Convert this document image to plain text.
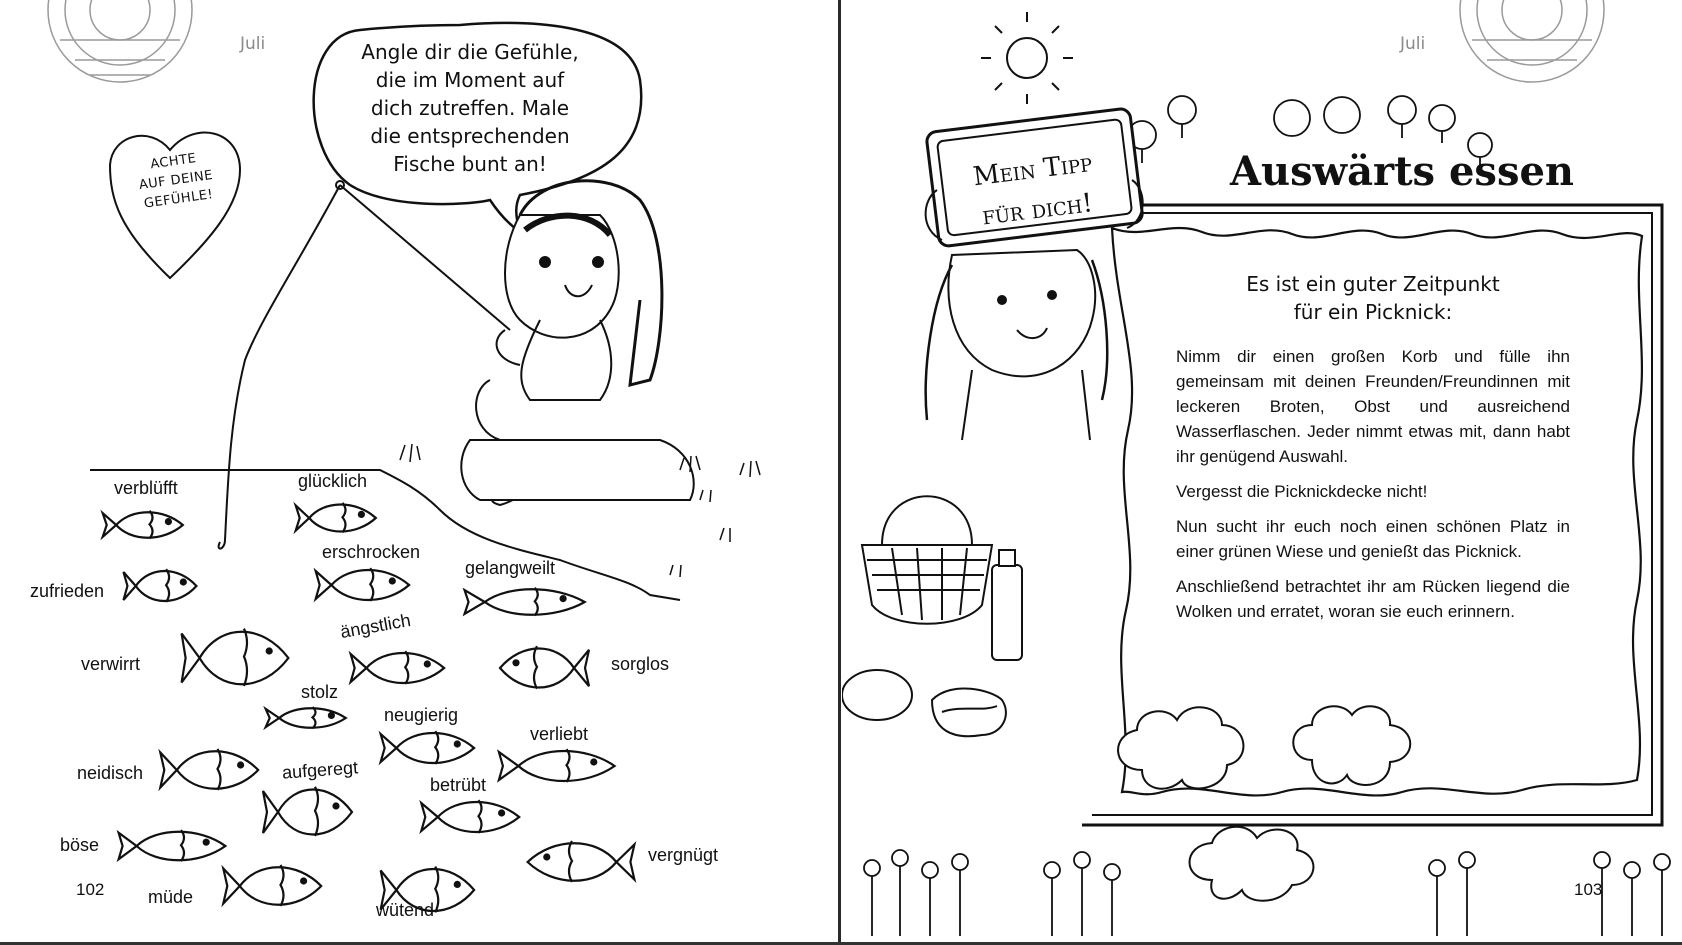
Juli	Angle dir die Gefühle,
die im Moment auf
dich zutreffen. Male
die entsprechenden
Fische bunt an!
ACHTE
AUF DEINE
GEFÜHLE!
verblüfft	glücklich
erschrocken
gelangweilt
zufrieden
ängstlich
verwirrt	sorglos
stolz
neugierig
verliebt
neidisch	aufgeregt
betrübt
böse	vergnügt
müde
wütend
102
Juli
103
Mein Tipp
für dich!
Auswärts essen
Es ist ein guter Zeitpunkt
für ein Picknick:

Nimm dir einen großen Korb und fülle ihn gemeinsam mit deinen Freunden/Freundinnen mit leckeren Broten, Obst und ausreichend Wasserflaschen. Jeder nimmt etwas mit, dann habt ihr genügend Auswahl.

Vergesst die Picknickdecke nicht!

Nun sucht ihr euch noch einen schönen Platz in einer grünen Wiese und genießt das Picknick.

Anschließend betrachtet ihr am Rücken liegend die Wolken und erratet, woran sie euch erinnern.
